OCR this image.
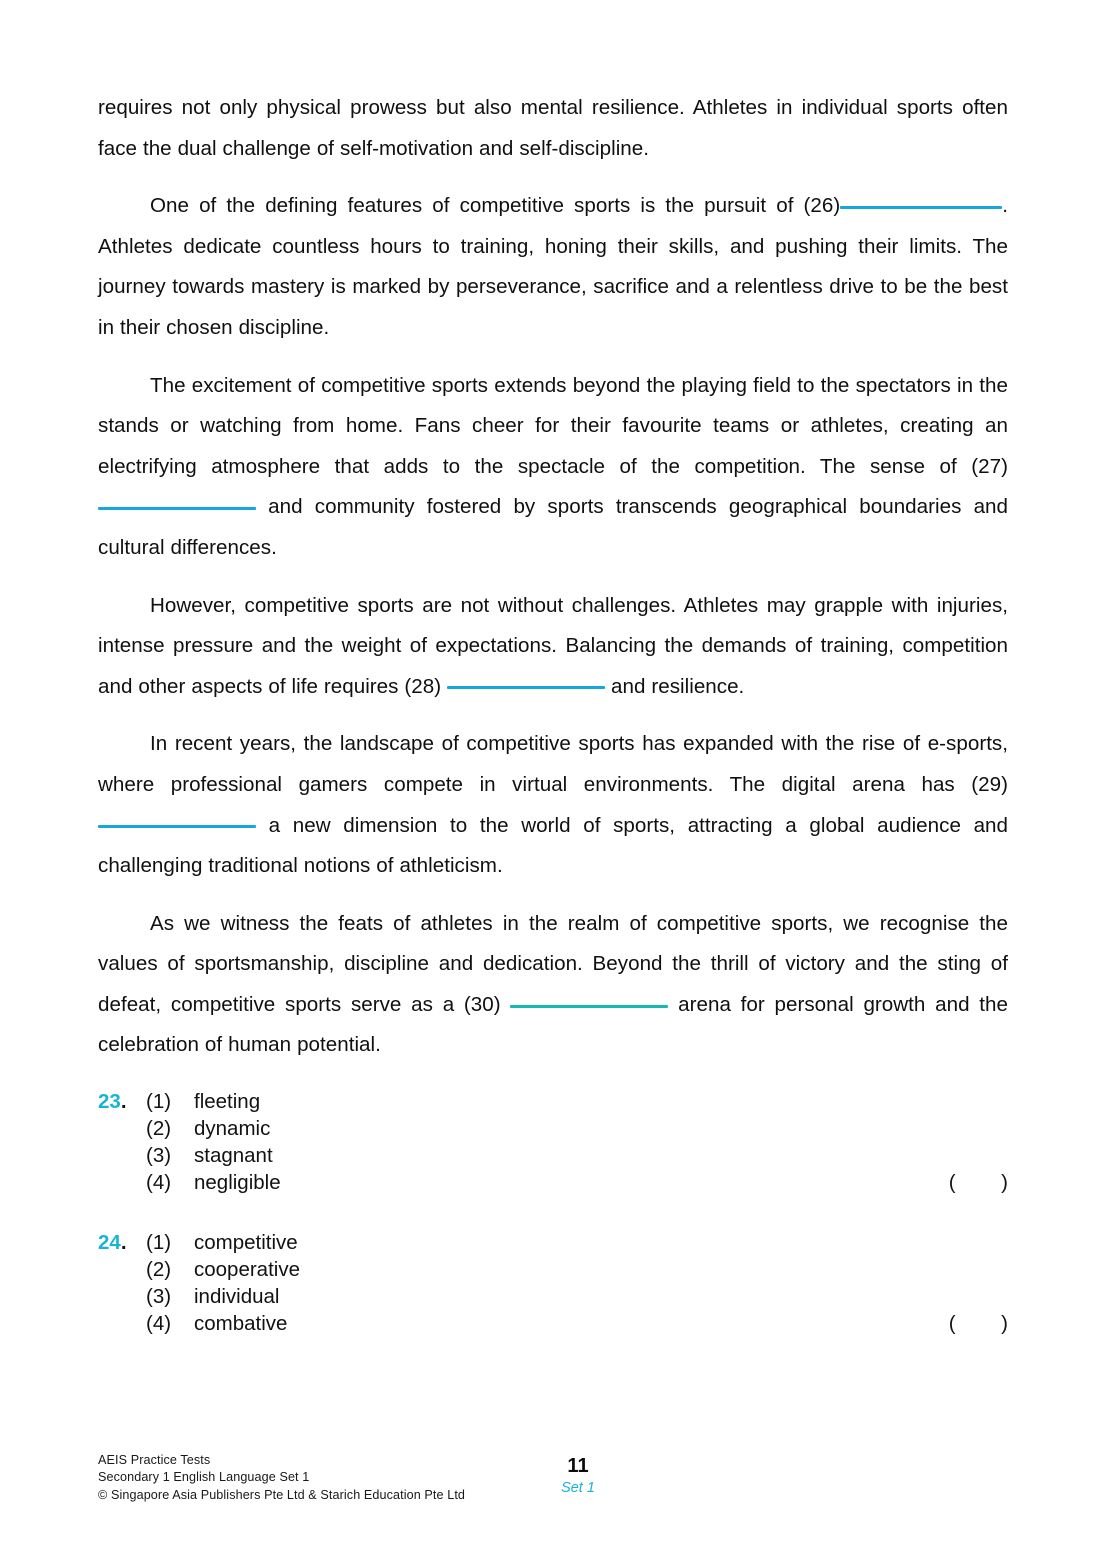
requires not only physical prowess but also mental resilience. Athletes in individual sports often face the dual challenge of self-motivation and self-discipline.

One of the defining features of competitive sports is the pursuit of (26)	. Athletes dedicate countless hours to training, honing their skills, and pushing their limits. The journey towards mastery is marked by perseverance, sacrifice and a relentless drive to be the best in their chosen discipline.

The excitement of competitive sports extends beyond the playing field to the spectators in the stands or watching from home. Fans cheer for their favourite teams or athletes, creating an electrifying atmosphere that adds to the spectacle of the competition. The sense of (27)  and community fostered by sports transcends geographical boundaries and cultural differences.

However, competitive sports are not without challenges. Athletes may grapple with injuries, intense pressure and the weight of expectations. Balancing the demands of training, competition and other aspects of life requires (28)	and resilience.

In recent years, the landscape of competitive sports has expanded with the rise of e-sports, where professional gamers compete in virtual environments. The digital arena has (29)  a new dimension to the world of sports, attracting a global audience and challenging traditional notions of athleticism.

As we witness the feats of athletes in the realm of competitive sports, we recognise the values of sportsmanship, discipline and dedication. Beyond the thrill of victory and the sting of defeat, competitive sports serve as a (30)	arena for personal growth and the celebration of human potential.

23. (1)	fleeting
(2)	dynamic
(3)	stagnant
(4)	negligible	( )
24. (1)	competitive
(2)	cooperative
(3)	individual
(4)	combative	( )
AEIS Practice Tests
Secondary 1 English Language Set 1
© Singapore Asia Publishers Pte Ltd & Starich Education Pte Ltd
11
Set 1
